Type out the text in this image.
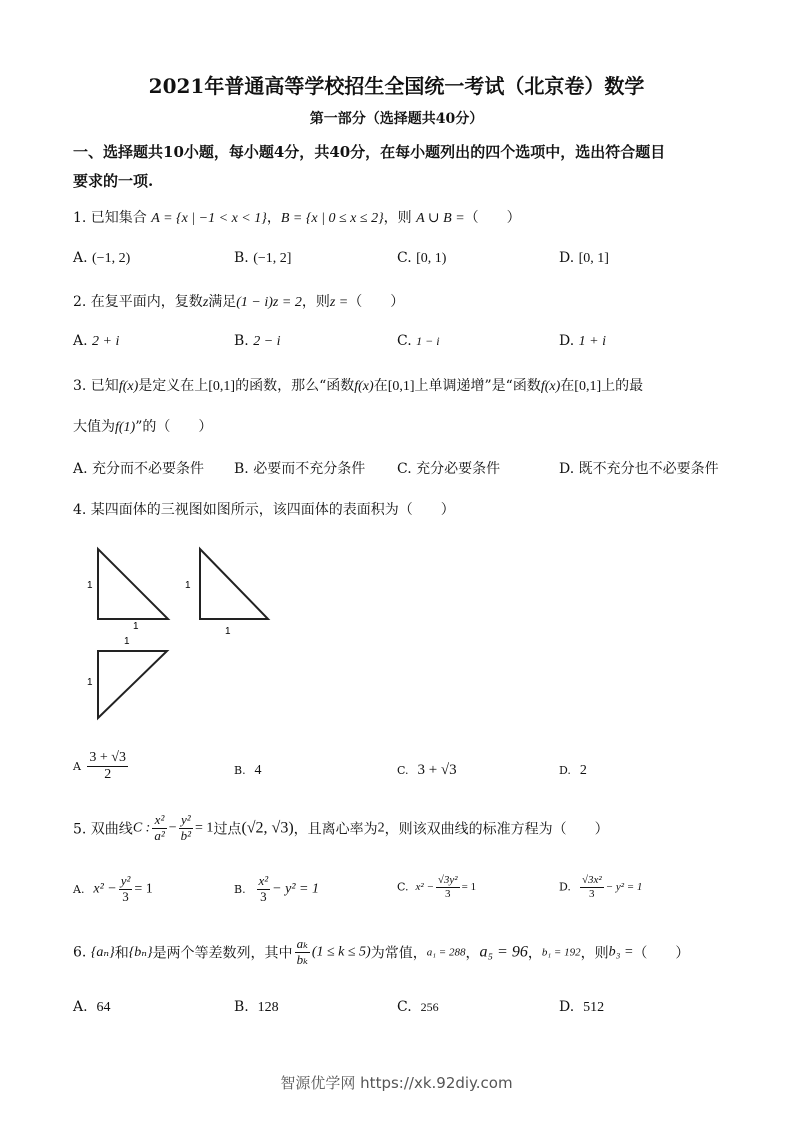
2021年普通高等学校招生全国统一考试（北京卷）数学
第一部分（选择题共40分）
一、选择题共10小题，每小题4分，共40分，在每小题列出的四个选项中，选出符合题目
要求的一项.
1. 已知集合 A = {x | −1 < x < 1}，B = {x | 0 ≤ x ≤ 2}，则 A ∪ B =（　　）
A. (−1, 2)	B. (−1, 2]	C. [0, 1)	D. [0, 1]
2. 在复平面内，复数z满足(1 − i)z = 2，则z =（　　）
A. 2 + i	B. 2 − i	C. 1 − i	D. 1 + i
3. 已知f(x)是定义在上[0,1]的函数，那么“函数f(x)在[0,1]上单调递增”是“函数f(x)在[0,1]上的最
大值为f(1)”的（　　）
A. 充分而不必要条件 B. 必要而不充分条件 C. 充分必要条件	D. 既不充分也不必要条件
4. 某四面体的三视图如图所示，该四面体的表面积为（　　）
1
1
1
1
1
1
A $\frac{3 + √3}{2}$	B. 4	C. 3 + √3	D. 2
5. 双曲线C : $\frac{\text{x²}}{\text{a²}} - \frac{\text{y²}}{\text{b²}} = 1$过点(√2, √3)，且离心率为2，则该双曲线的标准方程为（　　）
A. $x^2 - \frac{\text{y²}}{3} = 1$	B. $\frac{\text{x²}}{3} - y^2 = 1$	C. $x^2 - \frac{\text{√3y²}}{3} = 1$	D. $\frac{\text{√3x²}}{3} - y^2 = 1$
6. {aₙ}和{bₙ}是两个等差数列，其中 $\frac{\text{aₖ}}{\text{bₖ}} (1 \le k \le 5)$为常值，a₁ = 288，a₅ = 96，b₁ = 192，则b₃ =（　　）
A. 64	B. 128	C. 256	D. 512
智源优学网 https://xk.92diy.com
